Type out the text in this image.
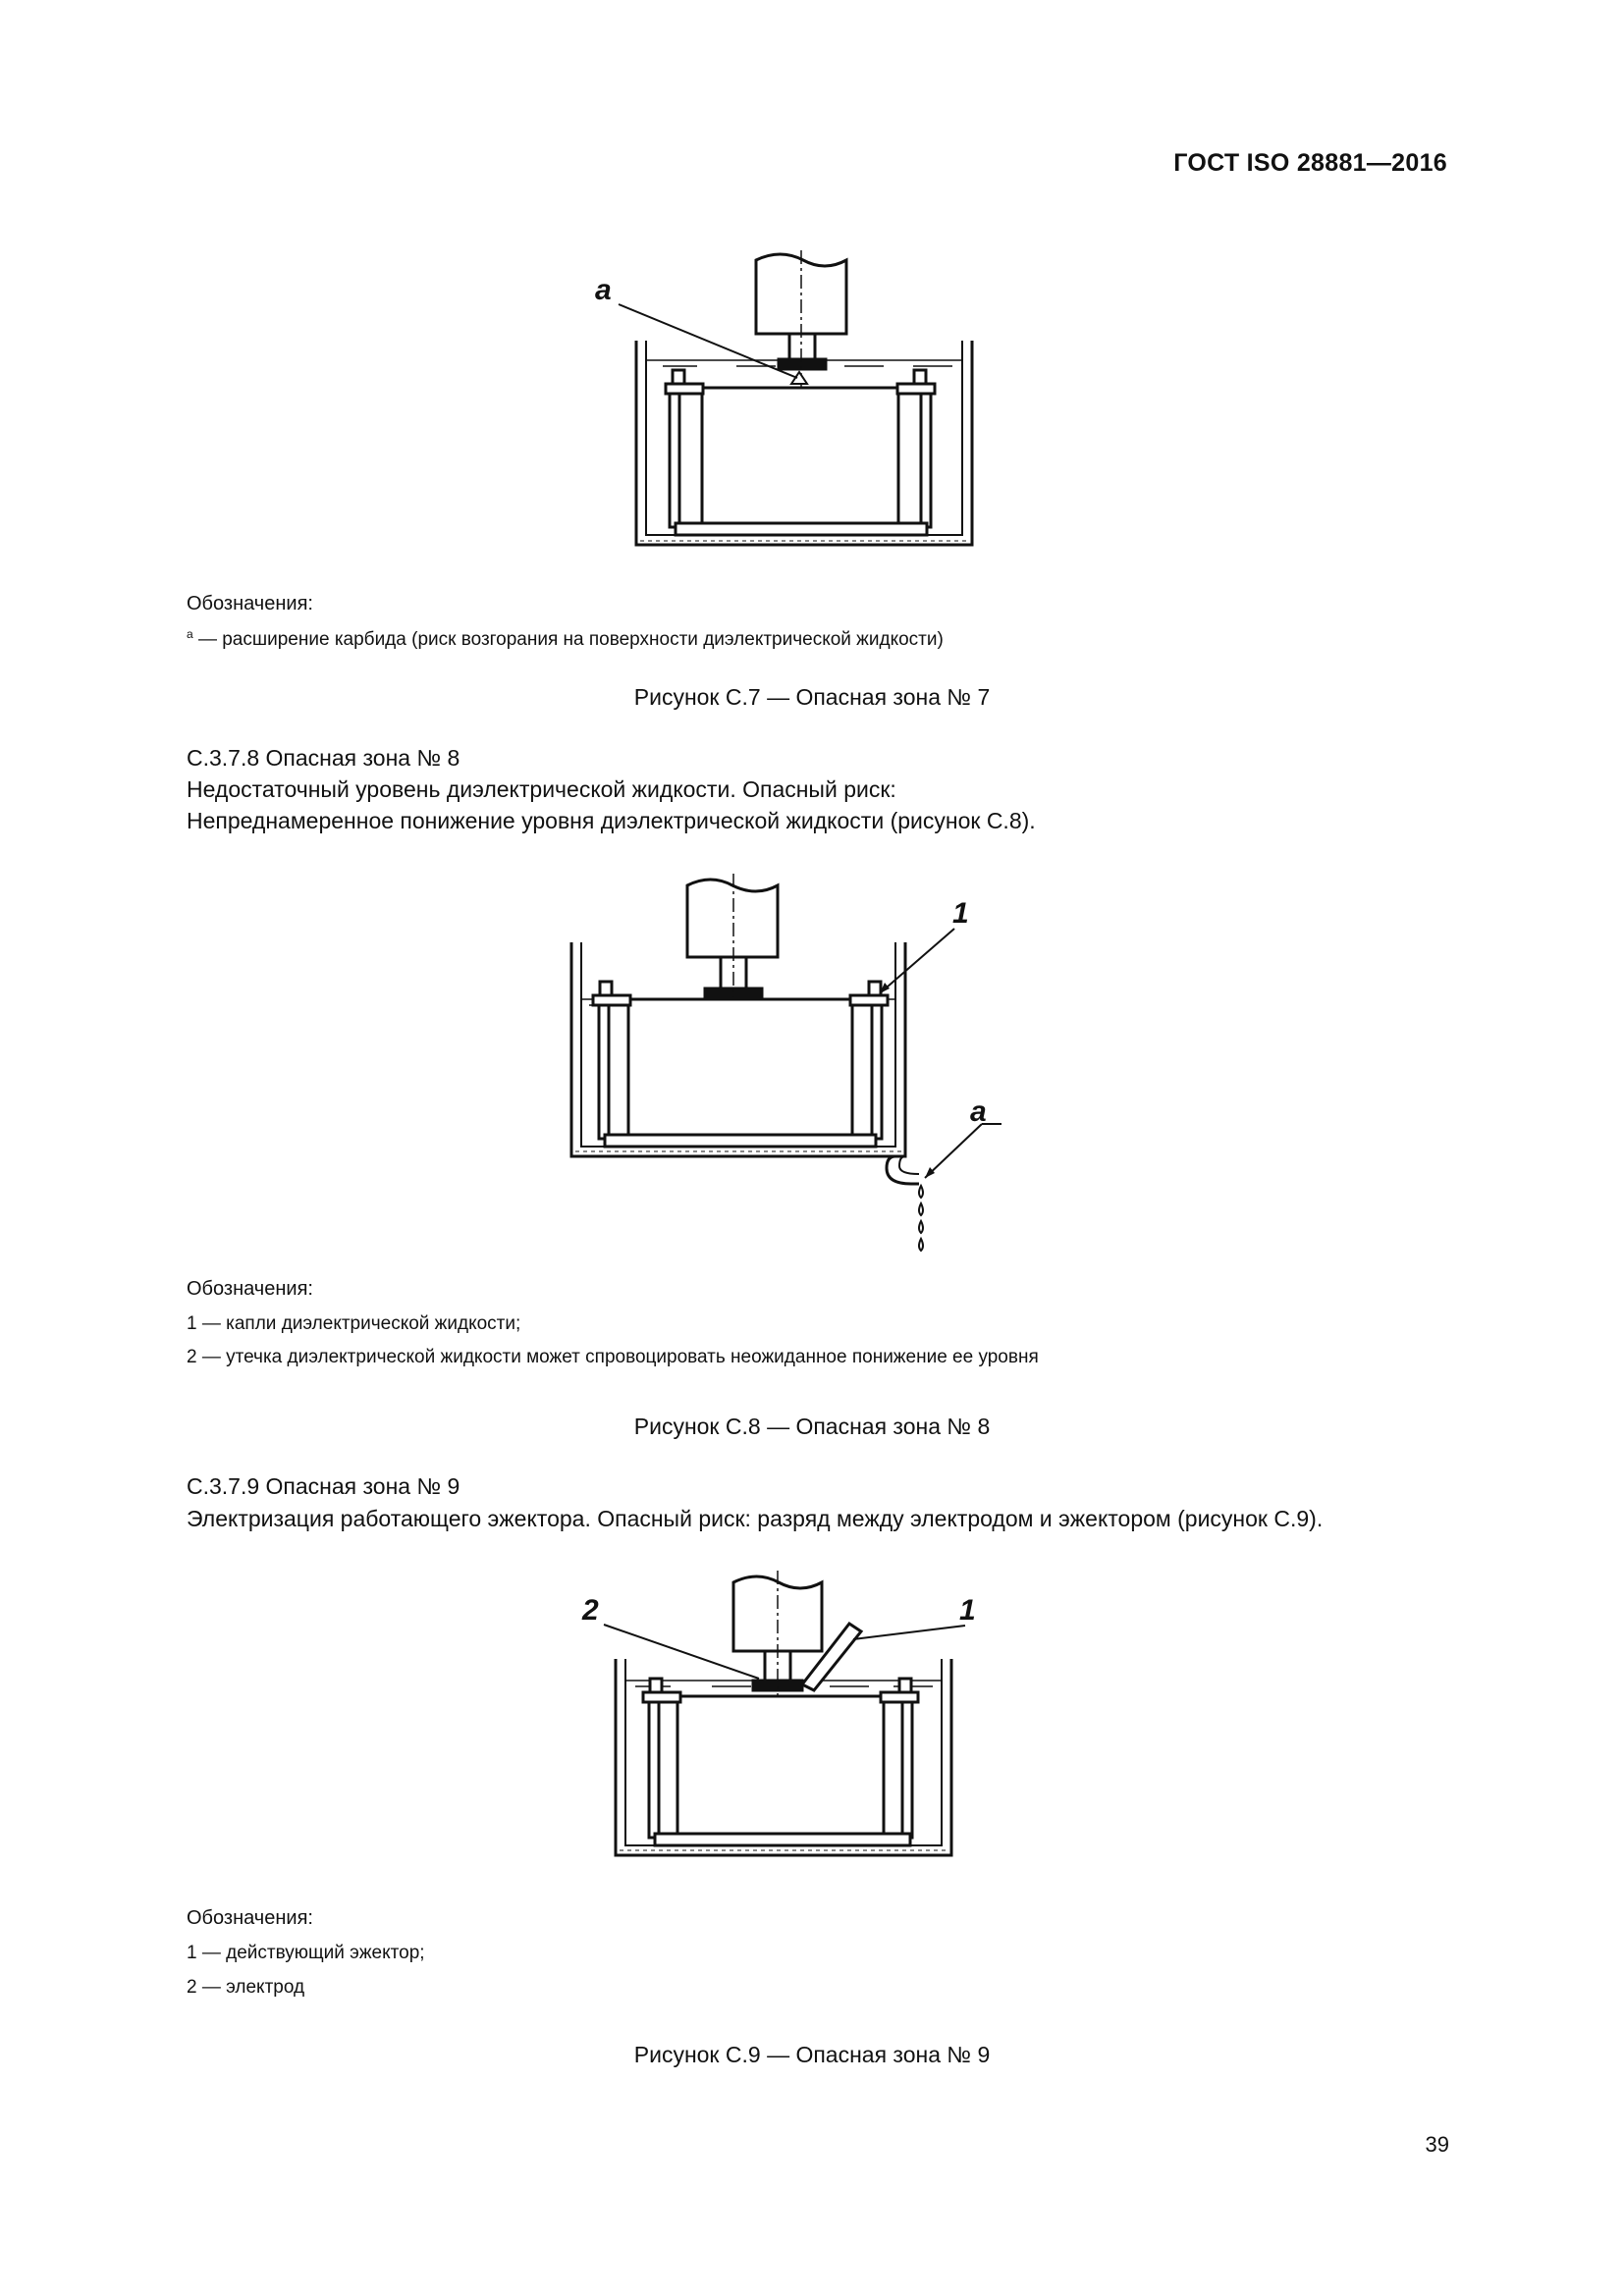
ГОСТ ISO 28881—2016
a
Обозначения:
$^a$ — расширение карбида (риск возгорания на поверхности диэлектрической жидкости)
Рисунок С.7 — Опасная зона № 7
С.3.7.8 Опасная зона № 8
Недостаточный уровень диэлектрической жидкости. Опасный риск:
Непреднамеренное понижение уровня диэлектрической жидкости (рисунок С.8).
1
a
Обозначения:
1 — капли диэлектрической жидкости;
2 — утечка диэлектрической жидкости может спровоцировать неожиданное понижение ее уровня
Рисунок С.8 — Опасная зона № 8
С.3.7.9 Опасная зона № 9
Электризация работающего эжектора. Опасный риск: разряд между электродом и эжектором (рисунок С.9).
2	1
Обозначения:
1 — действующий эжектор;
2 — электрод
Рисунок С.9 — Опасная зона № 9
39
